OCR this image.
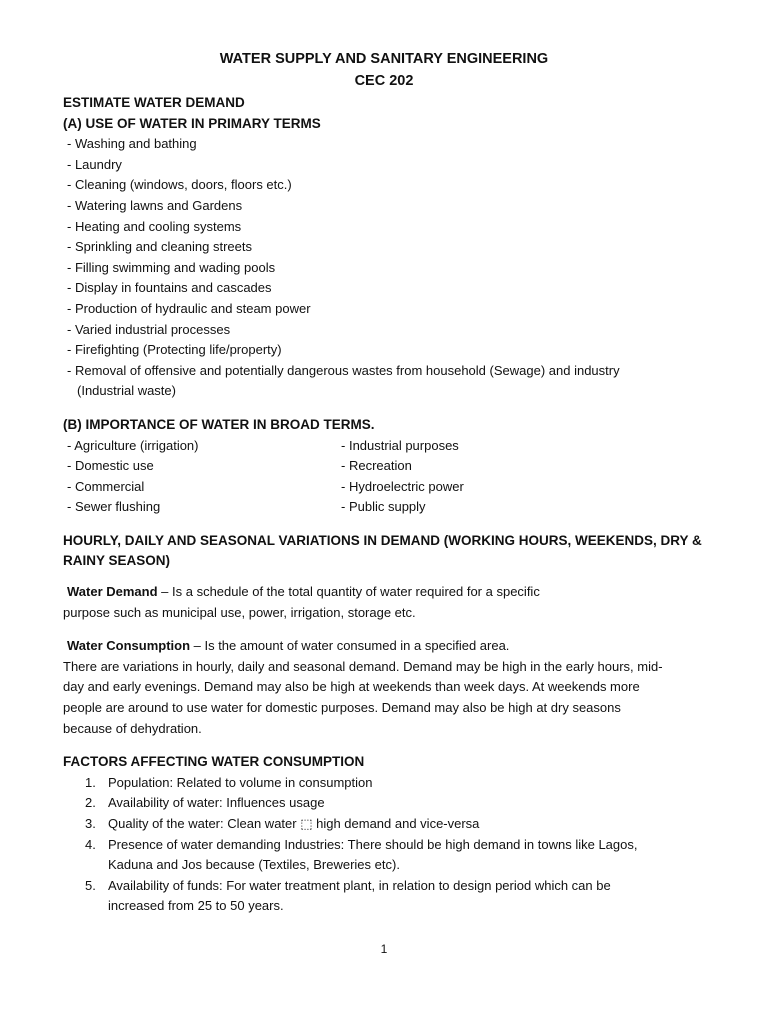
WATER SUPPLY AND SANITARY ENGINEERING
CEC 202
ESTIMATE WATER DEMAND
(A) USE OF WATER IN PRIMARY TERMS
- Washing and bathing
- Laundry
- Cleaning (windows, doors, floors etc.)
- Watering lawns and Gardens
- Heating and cooling systems
- Sprinkling and cleaning streets
- Filling swimming and wading pools
- Display in fountains and cascades
- Production of hydraulic and steam power
- Varied industrial processes
- Firefighting (Protecting life/property)
- Removal of offensive and potentially dangerous wastes from household (Sewage) and industry
(Industrial waste)
(B) IMPORTANCE OF WATER IN BROAD TERMS.
- Agriculture (irrigation)
- Domestic use
- Commercial
- Sewer flushing
- Industrial purposes
- Recreation
- Hydroelectric power
- Public supply
HOURLY, DAILY AND SEASONAL VARIATIONS IN DEMAND (WORKING HOURS, WEEKENDS, DRY &
RAINY SEASON)
Water Demand – Is a schedule of the total quantity of water required for a specific
purpose such as municipal use, power, irrigation, storage etc.
Water Consumption – Is the amount of water consumed in a specified area.
There are variations in hourly, daily and seasonal demand. Demand may be high in the early hours, mid-
day and early evenings. Demand may also be high at weekends than week days. At weekends more
people are around to use water for domestic purposes. Demand may also be high at dry seasons
because of dehydration.
FACTORS AFFECTING WATER CONSUMPTION
1. Population: Related to volume in consumption
2. Availability of water: Influences usage
3. Quality of the water: Clean water ⬚ high demand and vice-versa
4. Presence of water demanding Industries: There should be high demand in towns like Lagos,
Kaduna and Jos because (Textiles, Breweries etc).
5. Availability of funds: For water treatment plant, in relation to design period which can be
increased from 25 to 50 years.
1
